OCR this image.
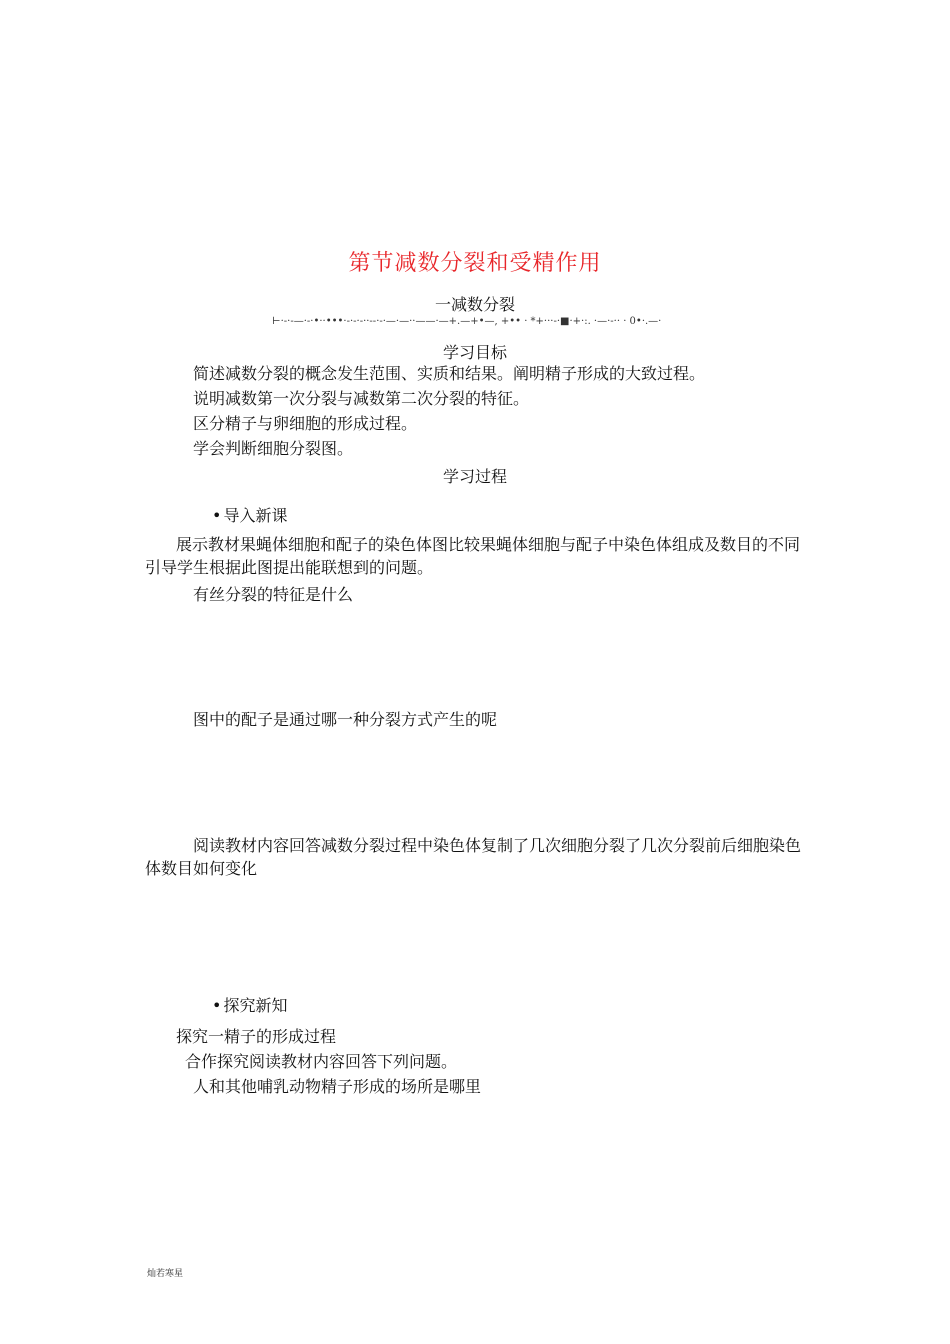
第节减数分裂和受精作用
一减数分裂
⊢·-·-—·-·•··•••·-·-·-··--·-·—·—··——·—+.—+•—, +•• · *+···-·■·+·:. ·—·-·· · 0•·.—·
学习目标
简述减数分裂的概念发生范围、实质和结果。阐明精子形成的大致过程。
说明减数第一次分裂与减数第二次分裂的特征。
区分精子与卵细胞的形成过程。
学会判断细胞分裂图。
学习过程
• 导入新课
展示教材果蝇体细胞和配子的染色体图比较果蝇体细胞与配子中染色体组成及数目的不同引导学生根据此图提出能联想到的问题。
有丝分裂的特征是什么
图中的配子是通过哪一种分裂方式产生的呢
阅读教材内容回答减数分裂过程中染色体复制了几次细胞分裂了几次分裂前后细胞染色体数目如何变化
• 探究新知
探究一精子的形成过程
合作探究阅读教材内容回答下列问题。
人和其他哺乳动物精子形成的场所是哪里
灿若寒星
